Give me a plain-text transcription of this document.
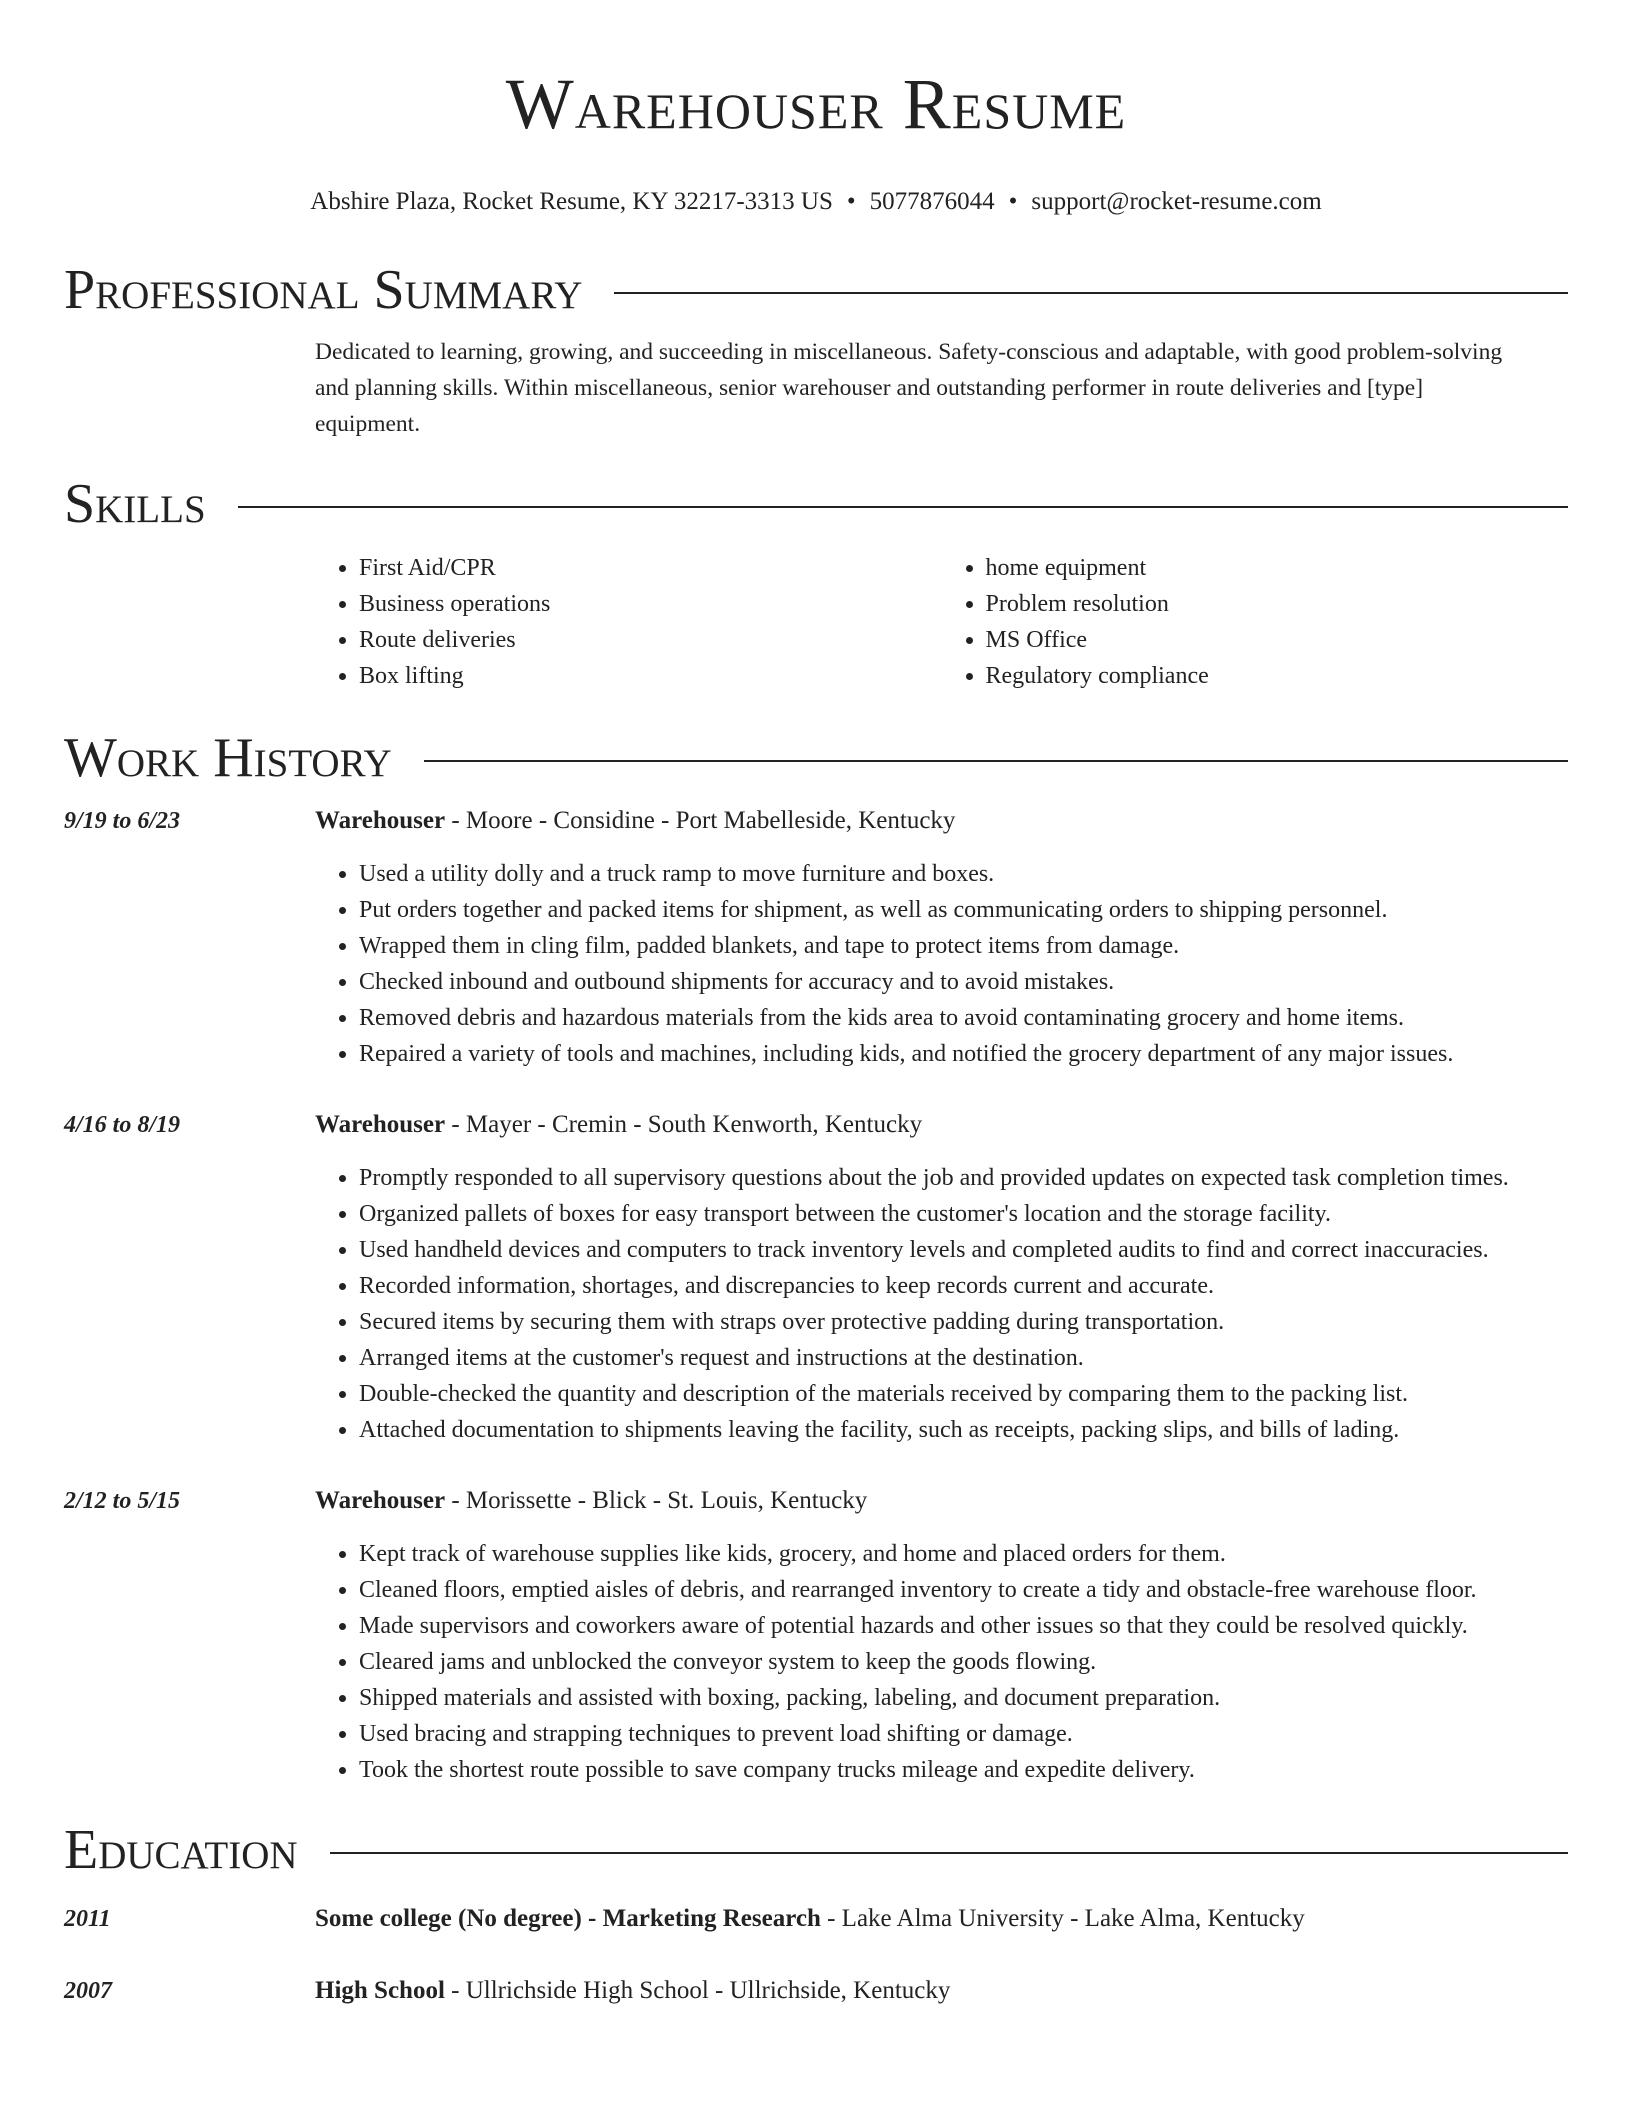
Warehouser Resume
Abshire Plaza, Rocket Resume, KY 32217-3313 US • 5077876044 • support@rocket-resume.com
Professional Summary

Dedicated to learning, growing, and succeeding in miscellaneous. Safety-conscious and adaptable, with good problem-solving and planning skills. Within miscellaneous, senior warehouser and outstanding performer in route deliveries and [type] equipment.

Skills
• First Aid/CPR
• Business operations
• Route deliveries
• Box lifting
• home equipment
• Problem resolution
• MS Office
• Regulatory compliance
Work History
9/19 to 6/23	Warehouser - Moore - Considine - Port Mabelleside, Kentucky
• Used a utility dolly and a truck ramp to move furniture and boxes.
• Put orders together and packed items for shipment, as well as communicating orders to shipping personnel.
• Wrapped them in cling film, padded blankets, and tape to protect items from damage.
• Checked inbound and outbound shipments for accuracy and to avoid mistakes.
• Removed debris and hazardous materials from the kids area to avoid contaminating grocery and home items.
• Repaired a variety of tools and machines, including kids, and notified the grocery department of any major issues.
4/16 to 8/19	Warehouser - Mayer - Cremin - South Kenworth, Kentucky
• Promptly responded to all supervisory questions about the job and provided updates on expected task completion times.
• Organized pallets of boxes for easy transport between the customer's location and the storage facility.
• Used handheld devices and computers to track inventory levels and completed audits to find and correct inaccuracies.
• Recorded information, shortages, and discrepancies to keep records current and accurate.
• Secured items by securing them with straps over protective padding during transportation.
• Arranged items at the customer's request and instructions at the destination.
• Double-checked the quantity and description of the materials received by comparing them to the packing list.
• Attached documentation to shipments leaving the facility, such as receipts, packing slips, and bills of lading.
2/12 to 5/15	Warehouser - Morissette - Blick - St. Louis, Kentucky
• Kept track of warehouse supplies like kids, grocery, and home and placed orders for them.
• Cleaned floors, emptied aisles of debris, and rearranged inventory to create a tidy and obstacle-free warehouse floor.
• Made supervisors and coworkers aware of potential hazards and other issues so that they could be resolved quickly.
• Cleared jams and unblocked the conveyor system to keep the goods flowing.
• Shipped materials and assisted with boxing, packing, labeling, and document preparation.
• Used bracing and strapping techniques to prevent load shifting or damage.
• Took the shortest route possible to save company trucks mileage and expedite delivery.
Education
2011	Some college (No degree) - Marketing Research - Lake Alma University - Lake Alma, Kentucky
2007	High School - Ullrichside High School - Ullrichside, Kentucky
